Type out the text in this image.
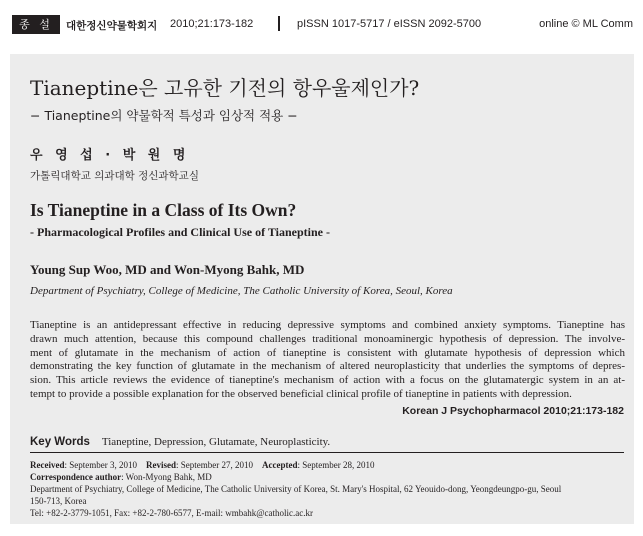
종 설	대한정신약물학회지 2010;21:173-182	pISSN 1017-5717 / eISSN 2092-5700	online © ML Comm
Tianeptine은 고유한 기전의 항우울제인가?
− Tianeptine의 약물학적 특성과 임상적 적용 −
우 영 섭 · 박 원 명
가톨릭대학교 의과대학 정신과학교실
Is Tianeptine in a Class of Its Own?
- Pharmacological Profiles and Clinical Use of Tianeptine -
Young Sup Woo, MD and Won-Myong Bahk, MD
Department of Psychiatry, College of Medicine, The Catholic University of Korea, Seoul, Korea
Tianeptine is an antidepressant effective in reducing depressive symptoms and combined anxiety symptoms. Tianeptine has
drawn much attention, because this compound challenges traditional monoaminergic hypothesis of depression. The involve-
ment of glutamate in the mechanism of action of tianeptine is consistent with glutamate hypothesis of depression which
demonstrating the key function of glutamate in the mechanism of altered neuroplasticity that underlies the symptoms of depres-
sion. This article reviews the evidence of tianeptine's mechanism of action with a focus on the glutamatergic system in an at-
tempt to provide a possible explanation for the observed beneficial clinical profile of tianeptine in patients with depression.
Korean J Psychopharmacol 2010;21:173-182
Key Words Tianeptine, Depression, Glutamate, Neuroplasticity.
Received: September 3, 2010 Revised: September 27, 2010 Accepted: September 28, 2010
Correspondence author: Won-Myong Bahk, MD
Department of Psychiatry, College of Medicine, The Catholic University of Korea, St. Mary's Hospital, 62 Yeouido-dong, Yeongdeungpo-gu, Seoul
150-713, Korea
Tel: +82-2-3779-1051, Fax: +82-2-780-6577, E-mail: wmbahk@catholic.ac.kr
